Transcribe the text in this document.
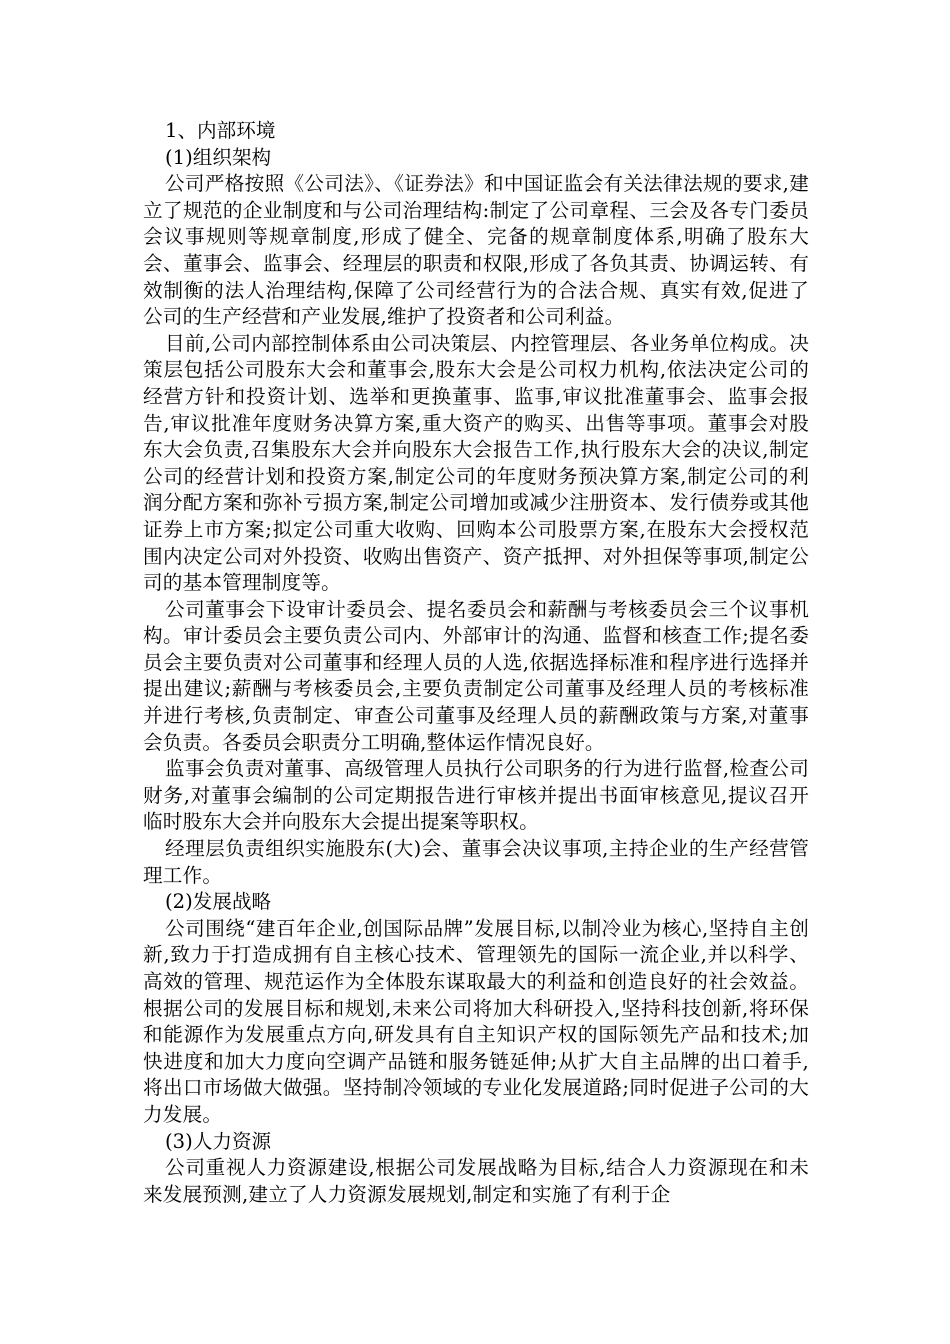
1、内部环境

(1)组织架构

公司严格按照《公司法》、《证券法》和中国证监会有关法律法规的要求,建立了规范的企业制度和与公司治理结构:制定了公司章程、三会及各专门委员会议事规则等规章制度,形成了健全、完备的规章制度体系,明确了股东大会、董事会、监事会、经理层的职责和权限,形成了各负其责、协调运转、有效制衡的法人治理结构,保障了公司经营行为的合法合规、真实有效,促进了公司的生产经营和产业发展,维护了投资者和公司利益。

目前,公司内部控制体系由公司决策层、内控管理层、各业务单位构成。决策层包括公司股东大会和董事会,股东大会是公司权力机构,依法决定公司的经营方针和投资计划、选举和更换董事、监事,审议批准董事会、监事会报告,审议批准年度财务决算方案,重大资产的购买、出售等事项。董事会对股东大会负责,召集股东大会并向股东大会报告工作,执行股东大会的决议,制定公司的经营计划和投资方案,制定公司的年度财务预决算方案,制定公司的利润分配方案和弥补亏损方案,制定公司增加或减少注册资本、发行债券或其他证券上市方案;拟定公司重大收购、回购本公司股票方案,在股东大会授权范围内决定公司对外投资、收购出售资产、资产抵押、对外担保等事项,制定公司的基本管理制度等。

公司董事会下设审计委员会、提名委员会和薪酬与考核委员会三个议事机构。审计委员会主要负责公司内、外部审计的沟通、监督和核查工作;提名委员会主要负责对公司董事和经理人员的人选,依据选择标准和程序进行选择并提出建议;薪酬与考核委员会,主要负责制定公司董事及经理人员的考核标准并进行考核,负责制定、审查公司董事及经理人员的薪酬政策与方案,对董事会负责。各委员会职责分工明确,整体运作情况良好。

监事会负责对董事、高级管理人员执行公司职务的行为进行监督,检查公司财务,对董事会编制的公司定期报告进行审核并提出书面审核意见,提议召开临时股东大会并向股东大会提出提案等职权。

经理层负责组织实施股东(大)会、董事会决议事项,主持企业的生产经营管理工作。

(2)发展战略

公司围绕“建百年企业,创国际品牌”发展目标,以制冷业为核心,坚持自主创新,致力于打造成拥有自主核心技术、管理领先的国际一流企业,并以科学、高效的管理、规范运作为全体股东谋取最大的利益和创造良好的社会效益。根据公司的发展目标和规划,未来公司将加大科研投入,坚持科技创新,将环保和能源作为发展重点方向,研发具有自主知识产权的国际领先产品和技术;加快进度和加大力度向空调产品链和服务链延伸;从扩大自主品牌的出口着手,将出口市场做大做强。坚持制冷领域的专业化发展道路;同时促进子公司的大力发展。

(3)人力资源

公司重视人力资源建设,根据公司发展战略为目标,结合人力资源现在和未来发展预测,建立了人力资源发展规划,制定和实施了有利于企
